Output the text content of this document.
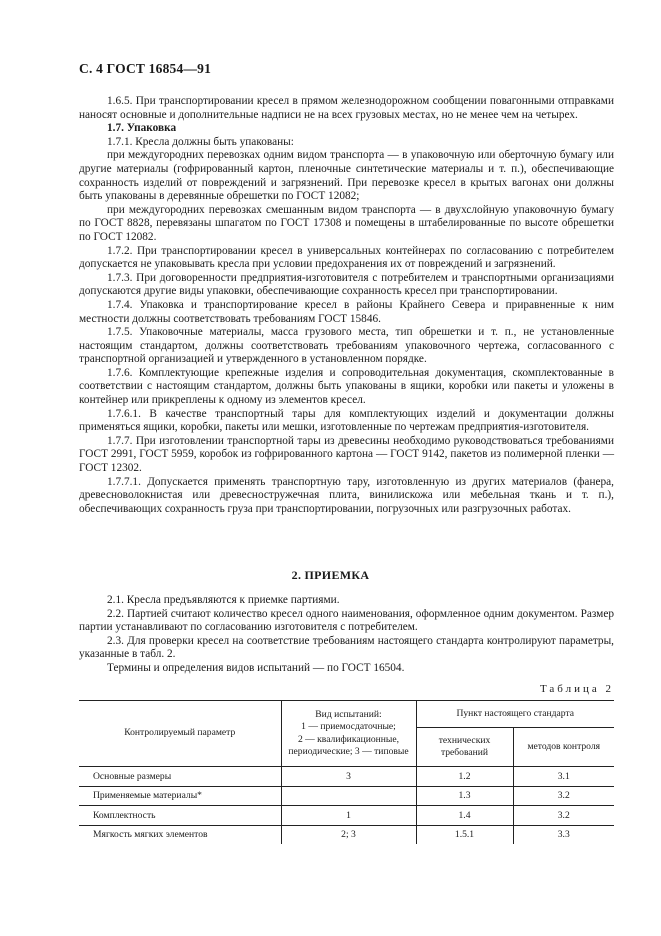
С. 4 ГОСТ 16854—91

1.6.5. При транспортировании кресел в прямом железнодорожном сообщении повагонными отправками наносят основные и дополнительные надписи не на всех грузовых местах, но не менее чем на четырех.

1.7. Упаковка

1.7.1. Кресла должны быть упакованы:

при междугородних перевозках одним видом транспорта — в упаковочную или оберточную бумагу или другие материалы (гофрированный картон, пленочные синтетические материалы и т. п.), обеспечивающие сохранность изделий от повреждений и загрязнений. При перевозке кресел в крытых вагонах они должны быть упакованы в деревянные обрешетки по ГОСТ 12082;

при междугородних перевозках смешанным видом транспорта — в двухслойную упаковочную бумагу по ГОСТ 8828, перевязаны шпагатом по ГОСТ 17308 и помещены в штабелированные по высоте обрешетки по ГОСТ 12082.

1.7.2. При транспортировании кресел в универсальных контейнерах по согласованию с потребителем допускается не упаковывать кресла при условии предохранения их от повреждений и загрязнений.

1.7.3. При договоренности предприятия-изготовителя с потребителем и транспортными организациями допускаются другие виды упаковки, обеспечивающие сохранность кресел при транспортировании.

1.7.4. Упаковка и транспортирование кресел в районы Крайнего Севера и приравненные к ним местности должны соответствовать требованиям ГОСТ 15846.

1.7.5. Упаковочные материалы, масса грузового места, тип обрешетки и т. п., не установленные настоящим стандартом, должны соответствовать требованиям упаковочного чертежа, согласованного с транспортной организацией и утвержденного в установленном порядке.

1.7.6. Комплектующие крепежные изделия и сопроводительная документация, скомплектованные в соответствии с настоящим стандартом, должны быть упакованы в ящики, коробки или пакеты и уложены в контейнер или прикреплены к одному из элементов кресел.

1.7.6.1. В качестве транспортный тары для комплектующих изделий и документации должны применяться ящики, коробки, пакеты или мешки, изготовленные по чертежам предприятия-изготовителя.

1.7.7. При изготовлении транспортной тары из древесины необходимо руководствоваться требованиями ГОСТ 2991, ГОСТ 5959, коробок из гофрированного картона — ГОСТ 9142, пакетов из полимерной пленки — ГОСТ 12302.

1.7.7.1. Допускается применять транспортную тару, изготовленную из других материалов (фанера, древесноволокнистая или древесностружечная плита, винилискожа или мебельная ткань и т. п.), обеспечивающих сохранность груза при транспортировании, погрузочных или разгрузочных работах.

2. ПРИЕМКА

2.1. Кресла предъявляются к приемке партиями.

2.2. Партией считают количество кресел одного наименования, оформленное одним документом. Размер партии устанавливают по согласованию изготовителя с потребителем.

2.3. Для проверки кресел на соответствие требованиям настоящего стандарта контролируют параметры, указанные в табл. 2.

Термины и определения видов испытаний — по ГОСТ 16504.

Таблица 2
Контролируемый параметр	Вид испытаний:
1 — приемосдаточные;
2 — квалификационные,
периодические; 3 — типовые	Пункт настоящего стандарта	
		технических требований	методов контроля
Основные размеры	3	1.2	3.1
Применяемые материалы*		1.3	3.2
Комплектность	1	1.4	3.2
Мягкость мягких элементов	2; 3	1.5.1	3.3
